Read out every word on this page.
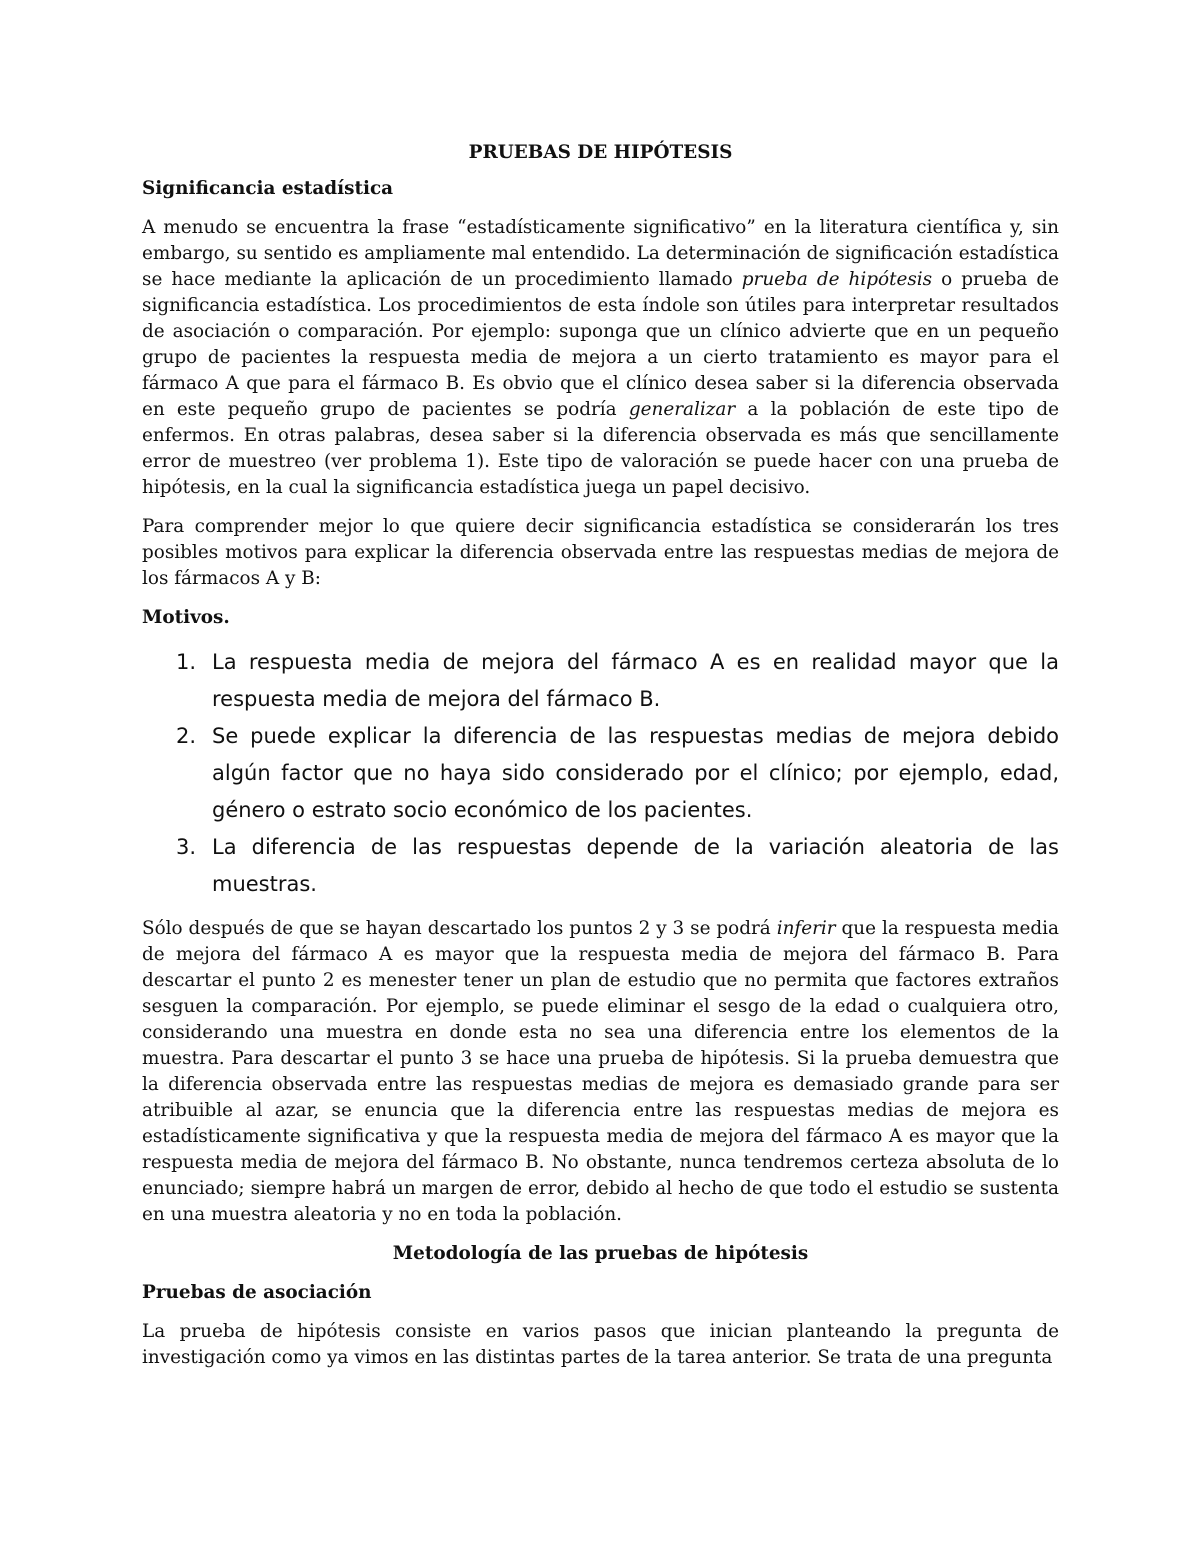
PRUEBAS DE HIPÓTESIS
Significancia estadística

A menudo se encuentra la frase “estadísticamente significativo” en la literatura científica y, sin embargo, su sentido es ampliamente mal entendido. La determinación de significación estadística se hace mediante la aplicación de un procedimiento llamado prueba de hipótesis o prueba de significancia estadística. Los procedimientos de esta índole son útiles para interpretar resultados de asociación o comparación. Por ejemplo: suponga que un clínico advierte que en un pequeño grupo de pacientes la respuesta media de mejora a un cierto tratamiento es mayor para el fármaco A que para el fármaco B. Es obvio que el clínico desea saber si la diferencia observada en este pequeño grupo de pacientes se podría generalizar a la población de este tipo de enfermos. En otras palabras, desea saber si la diferencia observada es más que sencillamente error de muestreo (ver problema 1). Este tipo de valoración se puede hacer con una prueba de hipótesis, en la cual la significancia estadística juega un papel decisivo.

Para comprender mejor lo que quiere decir significancia estadística se considerarán los tres posibles motivos para explicar la diferencia observada entre las respuestas medias de mejora de los fármacos A y B:

Motivos.
1. La respuesta media de mejora del fármaco A es en realidad mayor que la respuesta media de mejora del fármaco B.
2. Se puede explicar la diferencia de las respuestas medias de mejora debido algún factor que no haya sido considerado por el clínico; por ejemplo, edad, género o estrato socio económico de los pacientes.
3. La diferencia de las respuestas depende de la variación aleatoria de las muestras.

Sólo después de que se hayan descartado los puntos 2 y 3 se podrá inferir que la respuesta media de mejora del fármaco A es mayor que la respuesta media de mejora del fármaco B. Para descartar el punto 2 es menester tener un plan de estudio que no permita que factores extraños sesguen la comparación. Por ejemplo, se puede eliminar el sesgo de la edad o cualquiera otro, considerando una muestra en donde esta no sea una diferencia entre los elementos de la muestra. Para descartar el punto 3 se hace una prueba de hipótesis. Si la prueba demuestra que la diferencia observada entre las respuestas medias de mejora es demasiado grande para ser atribuible al azar, se enuncia que la diferencia entre las respuestas medias de mejora es estadísticamente significativa y que la respuesta media de mejora del fármaco A es mayor que la respuesta media de mejora del fármaco B. No obstante, nunca tendremos certeza absoluta de lo enunciado; siempre habrá un margen de error, debido al hecho de que todo el estudio se sustenta en una muestra aleatoria y no en toda la población.

Metodología de las pruebas de hipótesis
Pruebas de asociación

La prueba de hipótesis consiste en varios pasos que inician planteando la pregunta de investigación como ya vimos en las distintas partes de la tarea anterior. Se trata de una pregunta
